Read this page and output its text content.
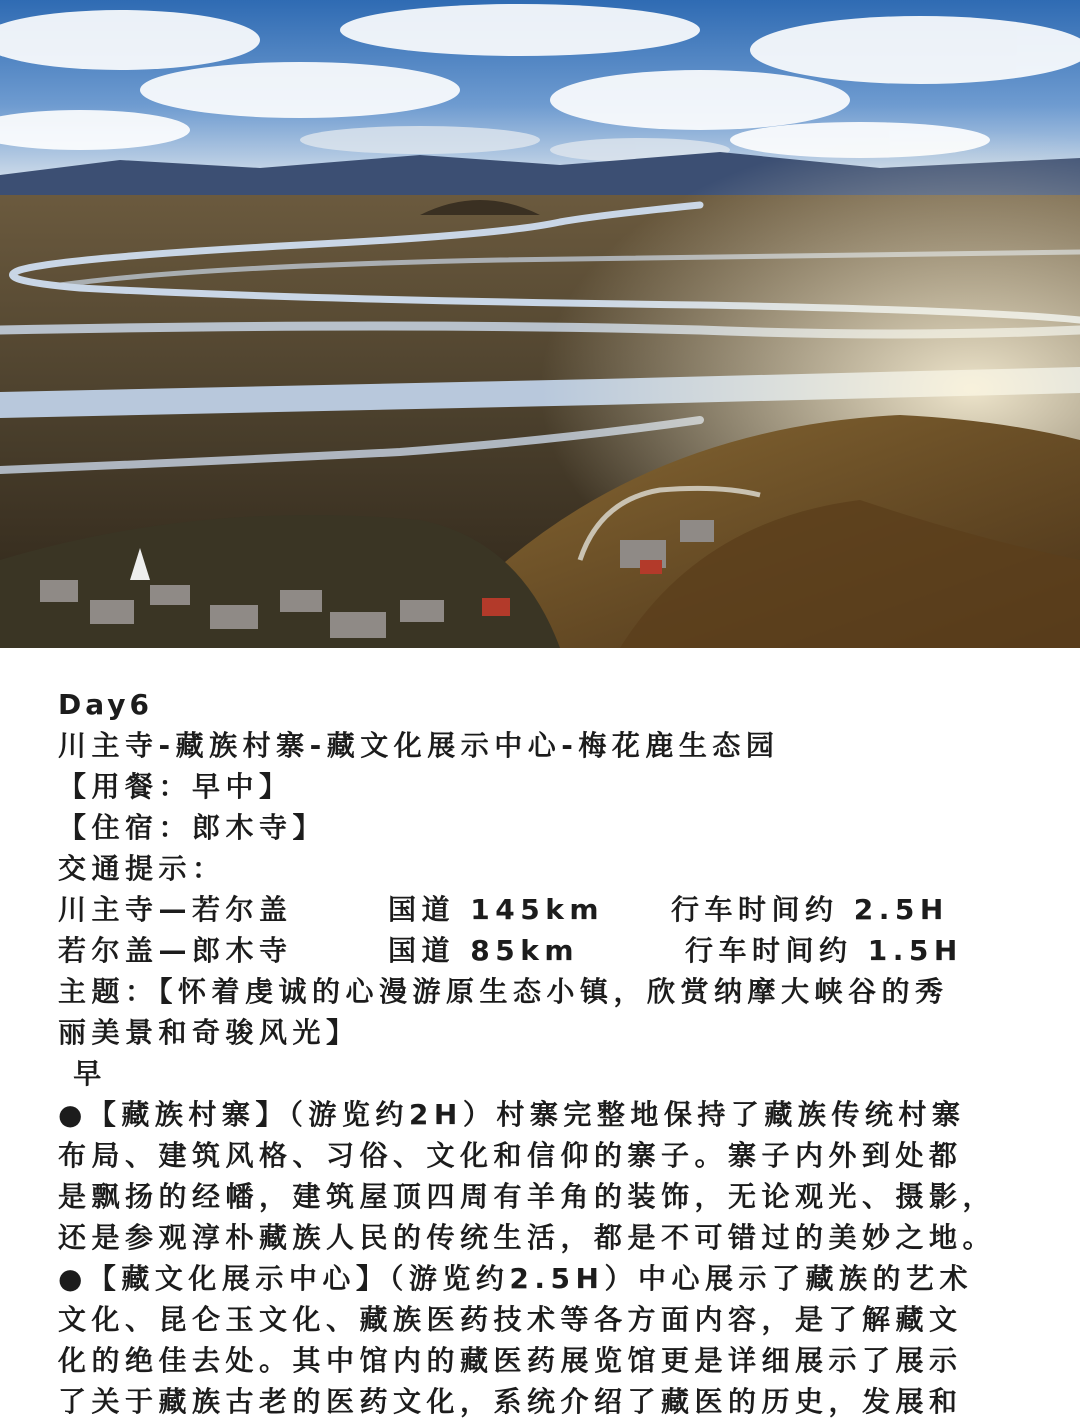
Day6
川主寺-藏族村寨-藏文化展示中心-梅花鹿生态园
【用餐：早中】
【住宿：郎木寺】
交通提示：
川主寺—若尔盖	国道 145km	行车时间约 2.5H
若尔盖—郎木寺	国道 85km	行车时间约 1.5H
主题：【怀着虔诚的心漫游原生态小镇，欣赏纳摩大峡谷的秀
丽美景和奇骏风光】
早
●【藏族村寨】（游览约2H）村寨完整地保持了藏族传统村寨
布局、建筑风格、习俗、文化和信仰的寨子。寨子内外到处都
是飘扬的经幡，建筑屋顶四周有羊角的装饰，无论观光、摄影，
还是参观淳朴藏族人民的传统生活，都是不可错过的美妙之地。
●【藏文化展示中心】（游览约2.5H）中心展示了藏族的艺术
文化、昆仑玉文化、藏族医药技术等各方面内容，是了解藏文
化的绝佳去处。其中馆内的藏医药展览馆更是详细展示了展示
了关于藏族古老的医药文化，系统介绍了藏医的历史，发展和
